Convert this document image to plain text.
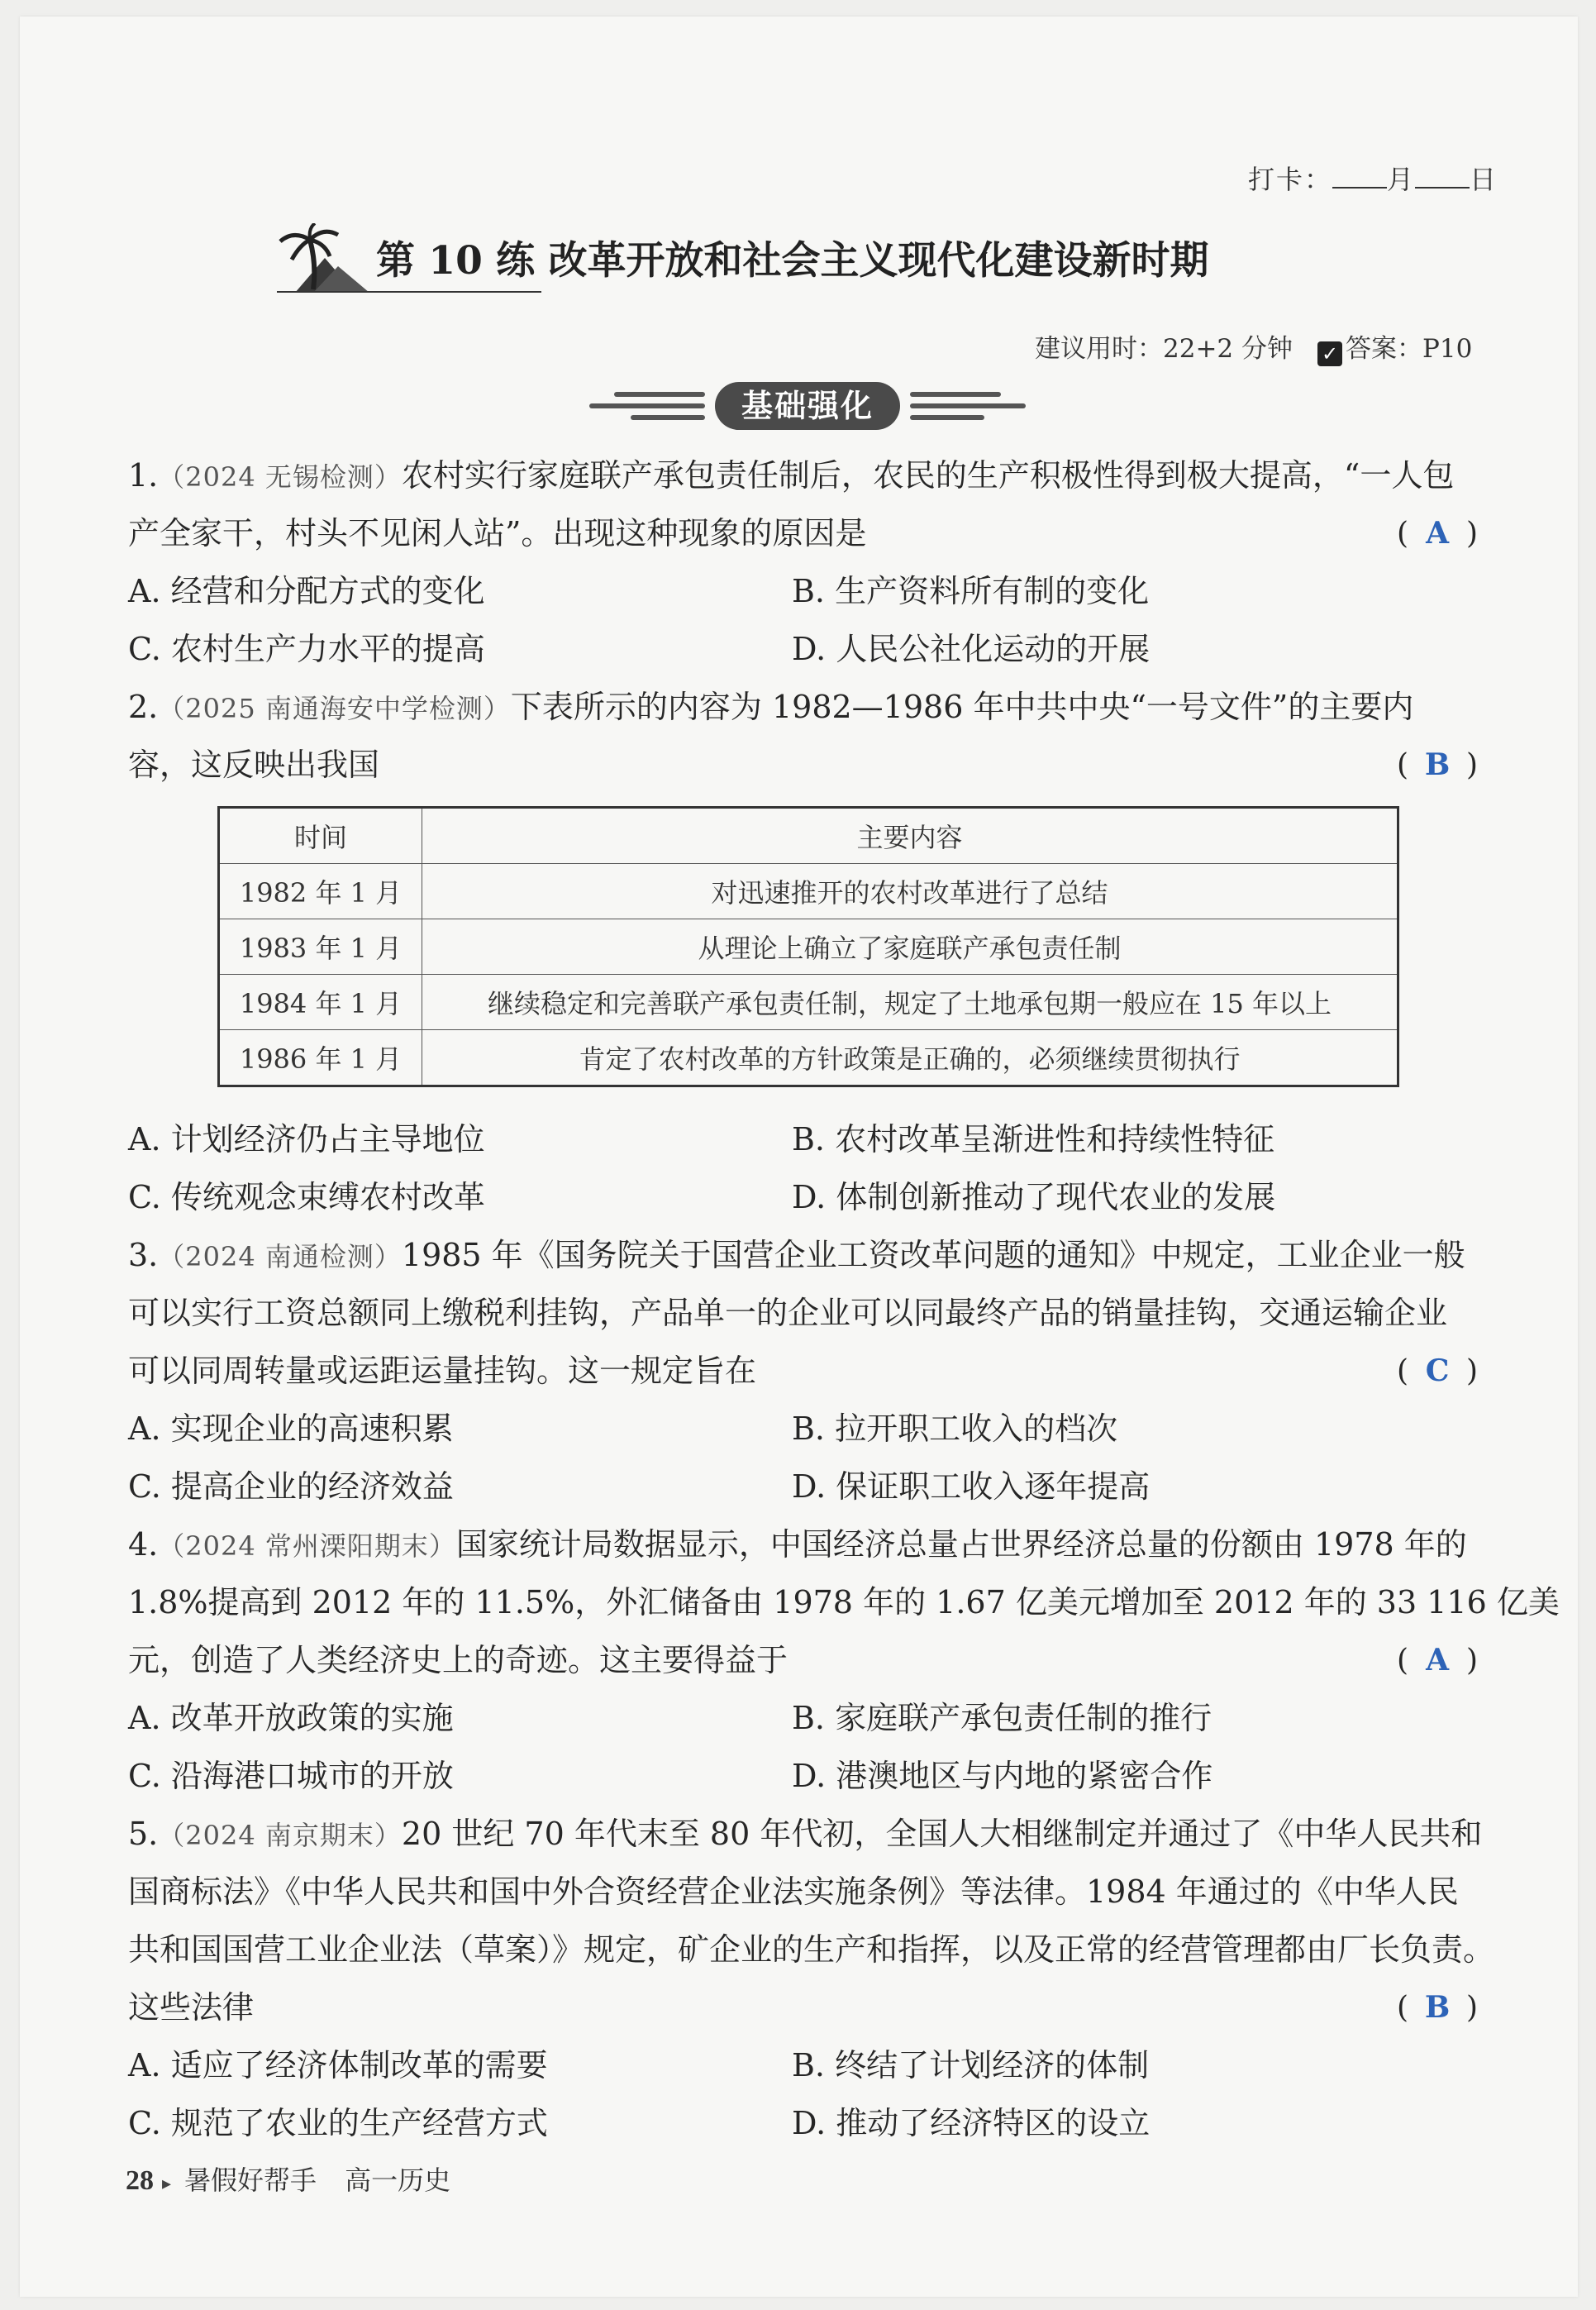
打卡： 月 日
第 10 练 改革开放和社会主义现代化建设新时期
建议用时：22+2 分钟 ✓ 答案：P10
基础强化
1.（2024 无锡检测）农村实行家庭联产承包责任制后，农民的生产积极性得到极大提高，“一人包
产全家干，村头不见闲人站”。出现这种现象的原因是	( A )
A. 经营和分配方式的变化	B. 生产资料所有制的变化
C. 农村生产力水平的提高	D. 人民公社化运动的开展
2.（2025 南通海安中学检测）下表所示的内容为 1982—1986 年中共中央“一号文件”的主要内
容，这反映出我国	( B )
时间	主要内容
1982 年 1 月	对迅速推开的农村改革进行了总结
1983 年 1 月	从理论上确立了家庭联产承包责任制
1984 年 1 月	继续稳定和完善联产承包责任制，规定了土地承包期一般应在 15 年以上
1986 年 1 月	肯定了农村改革的方针政策是正确的，必须继续贯彻执行
A. 计划经济仍占主导地位	B. 农村改革呈渐进性和持续性特征
C. 传统观念束缚农村改革	D. 体制创新推动了现代农业的发展
3.（2024 南通检测）1985 年《国务院关于国营企业工资改革问题的通知》中规定，工业企业一般
可以实行工资总额同上缴税利挂钩，产品单一的企业可以同最终产品的销量挂钩，交通运输企业
可以同周转量或运距运量挂钩。这一规定旨在	( C )
A. 实现企业的高速积累	B. 拉开职工收入的档次
C. 提高企业的经济效益	D. 保证职工收入逐年提高
4.（2024 常州溧阳期末）国家统计局数据显示，中国经济总量占世界经济总量的份额由 1978 年的
1.8%提高到 2012 年的 11.5%，外汇储备由 1978 年的 1.67 亿美元增加至 2012 年的 33 116 亿美
元，创造了人类经济史上的奇迹。这主要得益于	( A )
A. 改革开放政策的实施	B. 家庭联产承包责任制的推行
C. 沿海港口城市的开放	D. 港澳地区与内地的紧密合作
5.（2024 南京期末）20 世纪 70 年代末至 80 年代初，全国人大相继制定并通过了《中华人民共和
国商标法》《中华人民共和国中外合资经营企业法实施条例》等法律。1984 年通过的《中华人民
共和国国营工业企业法（草案）》规定，矿企业的生产和指挥，以及正常的经营管理都由厂长负责。
这些法律	( B )
A. 适应了经济体制改革的需要	B. 终结了计划经济的体制
C. 规范了农业的生产经营方式	D. 推动了经济特区的设立
28 ▸ 暑假好帮手 高一历史
